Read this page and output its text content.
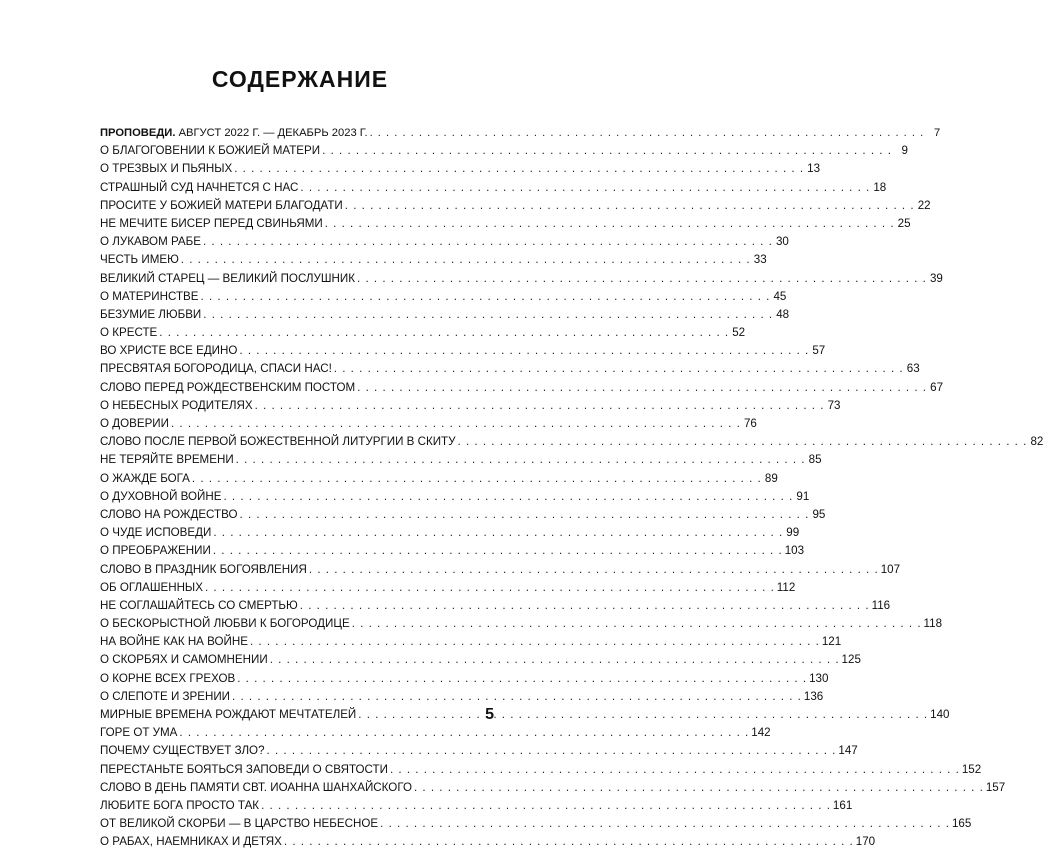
СОДЕРЖАНИЕ
ПРОПОВЕДИ. АВГУСТ 2022 Г. — ДЕКАБРЬ 2023 Г. . . .	7
О БЛАГОГОВЕНИИ К БОЖИЕЙ МАТЕРИ . . .	9
О ТРЕЗВЫХ И ПЬЯНЫХ . . .	13
СТРАШНЫЙ СУД НАЧНЕТСЯ С НАС . . .	18
ПРОСИТЕ У БОЖИЕЙ МАТЕРИ БЛАГОДАТИ . . .	22
НЕ МЕЧИТЕ БИСЕР ПЕРЕД СВИНЬЯМИ . . .	25
О ЛУКАВОМ РАБЕ . . .	30
ЧЕСТЬ ИМЕЮ . . .	33
ВЕЛИКИЙ СТАРЕЦ — ВЕЛИКИЙ ПОСЛУШНИК . . .	39
О МАТЕРИНСТВЕ . . .	45
БЕЗУМИЕ ЛЮБВИ . . .	48
О КРЕСТЕ . . .	52
ВО ХРИСТЕ ВСЕ ЕДИНО . . .	57
ПРЕСВЯТАЯ БОГОРОДИЦА, СПАСИ НАС! . . .	63
СЛОВО ПЕРЕД РОЖДЕСТВЕНСКИМ ПОСТОМ . . .	67
О НЕБЕСНЫХ РОДИТЕЛЯХ . . .	73
О ДОВЕРИИ . . .	76
СЛОВО ПОСЛЕ ПЕРВОЙ БОЖЕСТВЕННОЙ ЛИТУРГИИ В СКИТУ . . .	82
НЕ ТЕРЯЙТЕ ВРЕМЕНИ . . .	85
О ЖАЖДЕ БОГА . . .	89
О ДУХОВНОЙ ВОЙНЕ . . .	91
СЛОВО НА РОЖДЕСТВО . . .	95
О ЧУДЕ ИСПОВЕДИ . . .	99
О ПРЕОБРАЖЕНИИ . . .	103
СЛОВО В ПРАЗДНИК БОГОЯВЛЕНИЯ . . .	107
ОБ ОГЛАШЕННЫХ . . .	112
НЕ СОГЛАШАЙТЕСЬ СО СМЕРТЬЮ . . .	116
О БЕСКОРЫСТНОЙ ЛЮБВИ К БОГОРОДИЦЕ . . .	118
НА ВОЙНЕ КАК НА ВОЙНЕ . . .	121
О СКОРБЯХ И САМОМНЕНИИ . . .	125
О КОРНЕ ВСЕХ ГРЕХОВ . . .	130
О СЛЕПОТЕ И ЗРЕНИИ . . .	136
МИРНЫЕ ВРЕМЕНА РОЖДАЮТ МЕЧТАТЕЛЕЙ . . .	140
ГОРЕ ОТ УМА . . .	142
ПОЧЕМУ СУЩЕСТВУЕТ ЗЛО? . . .	147
ПЕРЕСТАНЬТЕ БОЯТЬСЯ ЗАПОВЕДИ О СВЯТОСТИ . . .	152
СЛОВО В ДЕНЬ ПАМЯТИ СВТ. ИОАННА ШАНХАЙСКОГО . . .	157
ЛЮБИТЕ БОГА ПРОСТО ТАК . . .	161
ОТ ВЕЛИКОЙ СКОРБИ — В ЦАРСТВО НЕБЕСНОЕ . . .	165
О РАБАХ, НАЕМНИКАХ И ДЕТЯХ . . .	170
5
